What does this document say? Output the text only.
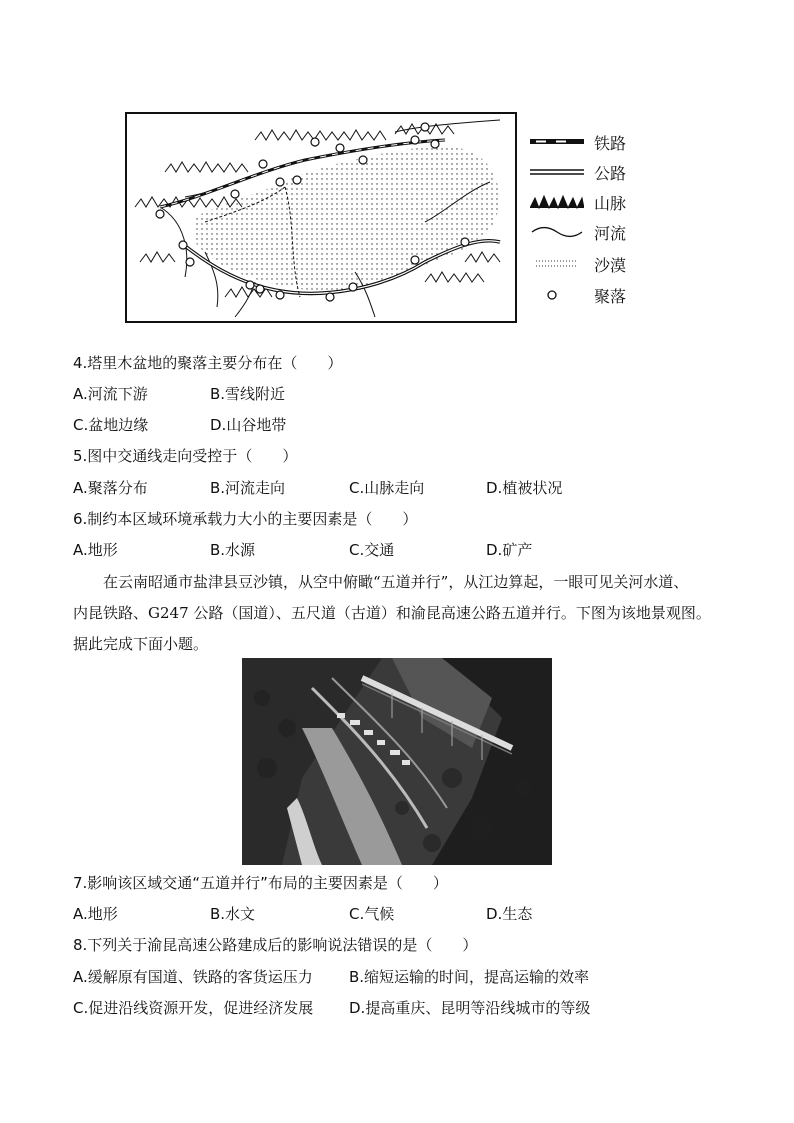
铁路
公路
山脉
河流
沙漠
聚落
4.塔里木盆地的聚落主要分布在（　　）
A.河流下游	B.雪线附近
C.盆地边缘	D.山谷地带
5.图中交通线走向受控于（　　）
A.聚落分布	B.河流走向	C.山脉走向	D.植被状况
6.制约本区域环境承载力大小的主要因素是（　　）
A.地形	B.水源	C.交通	D.矿产
在云南昭通市盐津县豆沙镇，从空中俯瞰“五道并行”，从江边算起，一眼可见关河水道、
内昆铁路、G247 公路（国道）、五尺道（古道）和渝昆高速公路五道并行。下图为该地景观图。
据此完成下面小题。
7.影响该区域交通“五道并行”布局的主要因素是（　　）
A.地形	B.水文	C.气候	D.生态
8.下列关于渝昆高速公路建成后的影响说法错误的是（　　）
A.缓解原有国道、铁路的客货运压力 B.缩短运输的时间，提高运输的效率
C.促进沿线资源开发，促进经济发展 D.提高重庆、昆明等沿线城市的等级
